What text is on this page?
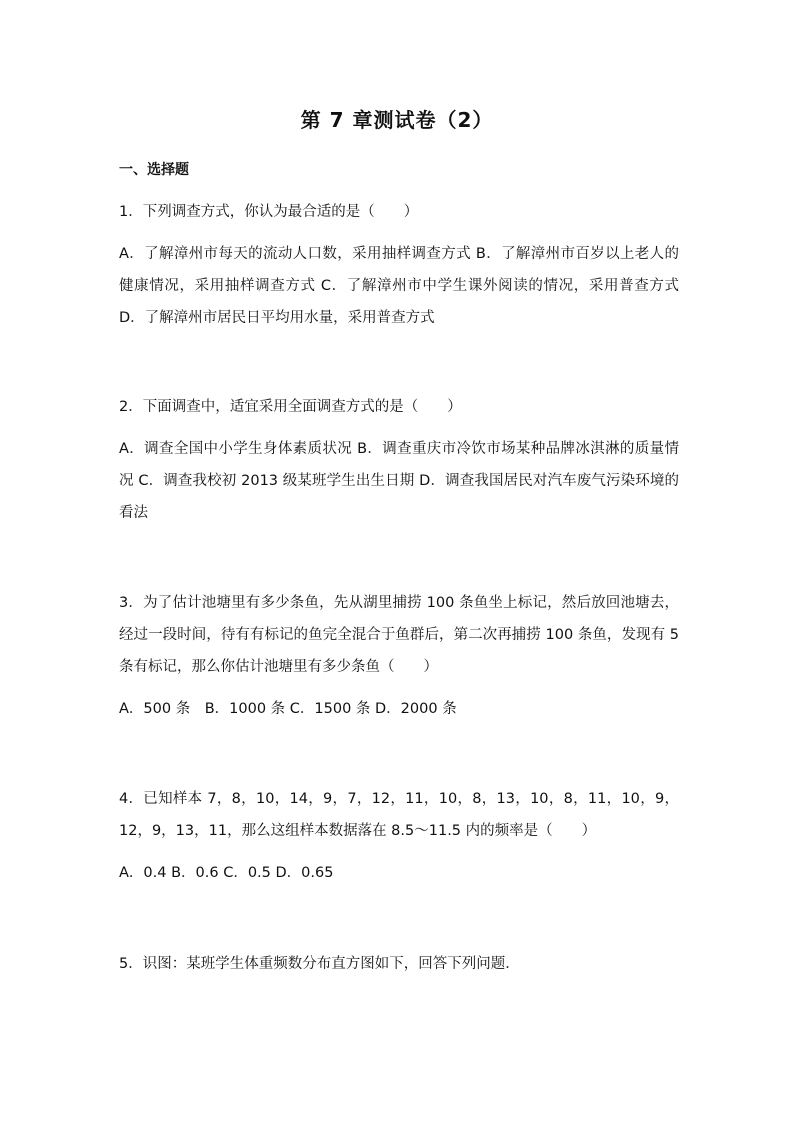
第 7 章测试卷（2）
一、选择题
1．下列调查方式，你认为最合适的是（　　）
A．了解漳州市每天的流动人口数，采用抽样调查方式 B．了解漳州市百岁以上老人的健康情况，采用抽样调查方式 C．了解漳州市中学生课外阅读的情况，采用普查方式 D．了解漳州市居民日平均用水量，采用普查方式
2．下面调查中，适宜采用全面调查方式的是（　　）
A．调查全国中小学生身体素质状况 B．调查重庆市冷饮市场某种品牌冰淇淋的质量情况 C．调查我校初 2013 级某班学生出生日期 D．调查我国居民对汽车废气污染环境的看法
3．为了估计池塘里有多少条鱼，先从湖里捕捞 100 条鱼坐上标记，然后放回池塘去，经过一段时间，待有有标记的鱼完全混合于鱼群后，第二次再捕捞 100 条鱼，发现有 5 条有标记，那么你估计池塘里有多少条鱼（　　）
A．500 条　B．1000 条 C．1500 条 D．2000 条
4．已知样本 7，8，10，14，9，7，12，11，10，8，13，10，8，11，10，9，12，9，13，11，那么这组样本数据落在 8.5～11.5 内的频率是（　　）
A．0.4 B．0.6 C．0.5 D．0.65
5．识图：某班学生体重频数分布直方图如下，回答下列问题．
